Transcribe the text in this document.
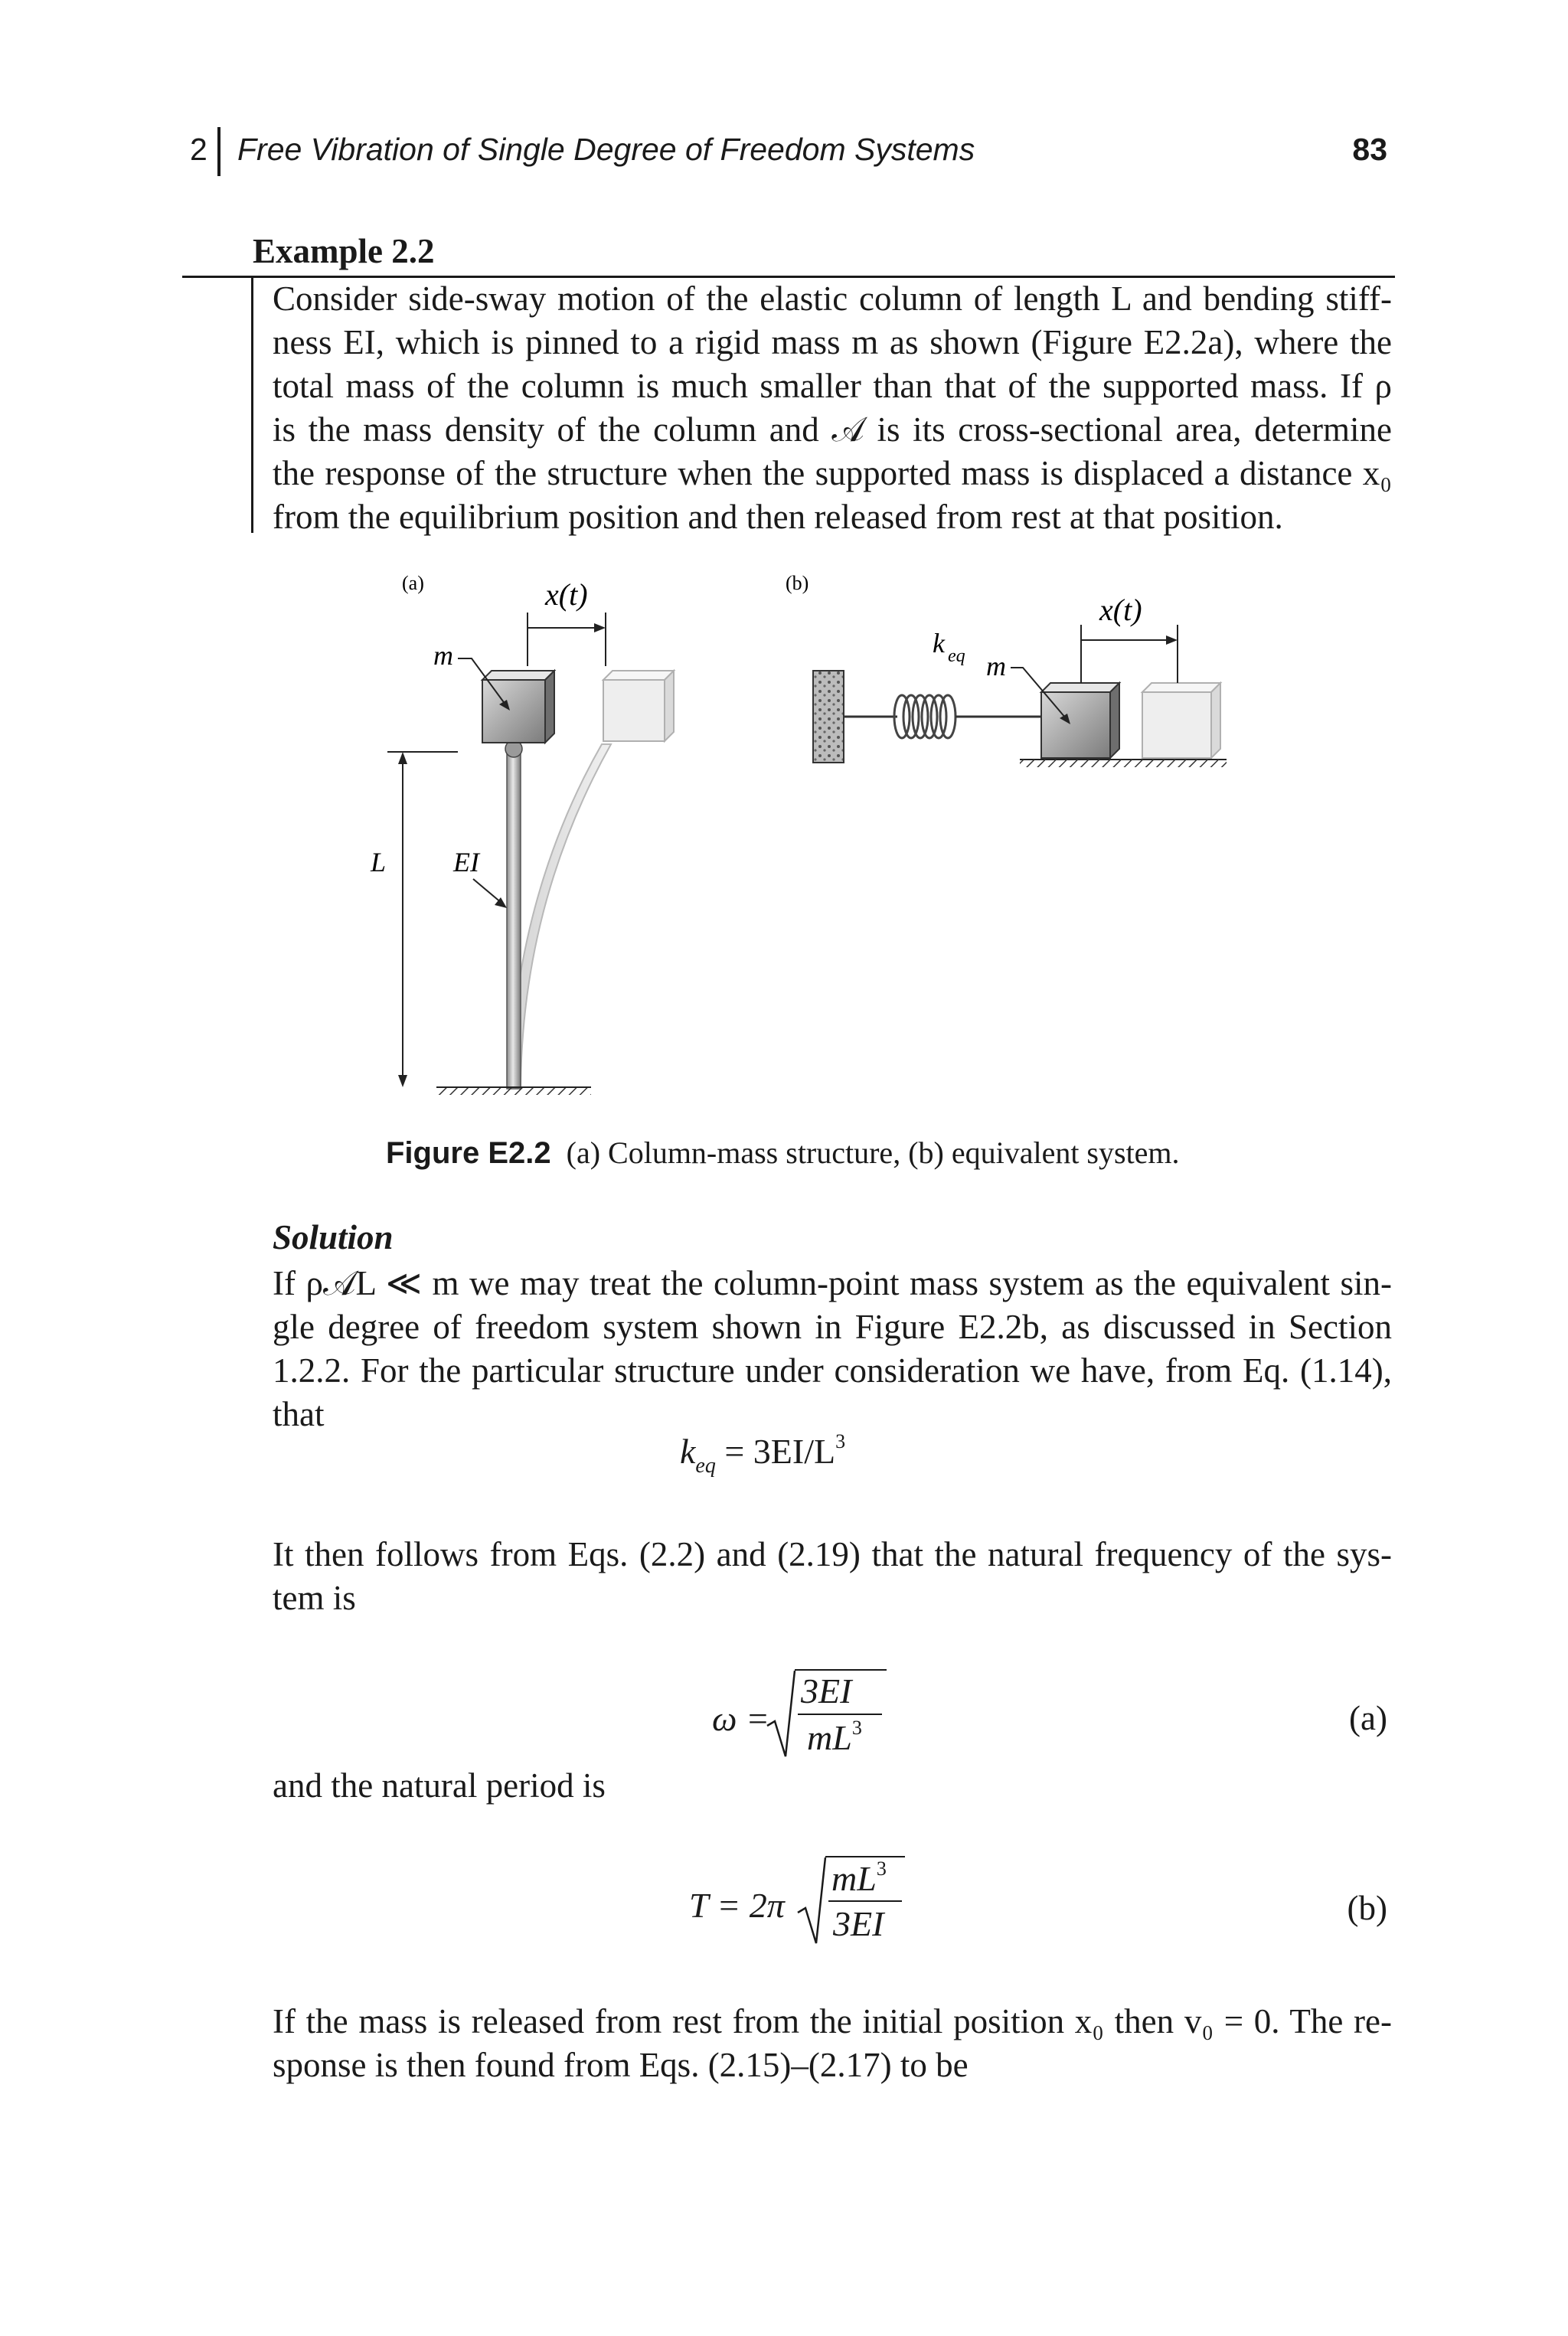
2 Free Vibration of Single Degree of Freedom Systems	83
Example 2.2
Consider side-sway motion of the elastic column of length L and bending stiff-
ness EI, which is pinned to a rigid mass m as shown (Figure E2.2a), where the
total mass of the column is much smaller than that of the supported mass. If ρ
is the mass density of the column and 𝒜 is its cross-sectional area, determine
the response of the structure when the supported mass is displaced a distance x₀
from the equilibrium position and then released from rest at that position.
(a)	x(t)
m
L EI
(b)
k $_{eq}$ m
x(t)
Figure E2.2 (a) Column-mass structure, (b) equivalent system.
Solution
If ρ𝒜L ≪ m we may treat the column-point mass system as the equivalent sin-
gle degree of freedom system shown in Figure E2.2b, as discussed in Section
1.2.2. For the particular structure under consideration we have, from Eq. (1.14),
that
$k_{eq} = 3EI/L^3$
It then follows from Eqs. (2.2) and (2.19) that the natural frequency of the sys-
tem is
ω =
3EI
$mL^3$	(a)
and the natural period is
T = 2π
$mL^3$
3EI	(b)
If the mass is released from rest from the initial position x₀ then v₀ = 0. The re-
sponse is then found from Eqs. (2.15)–(2.17) to be
